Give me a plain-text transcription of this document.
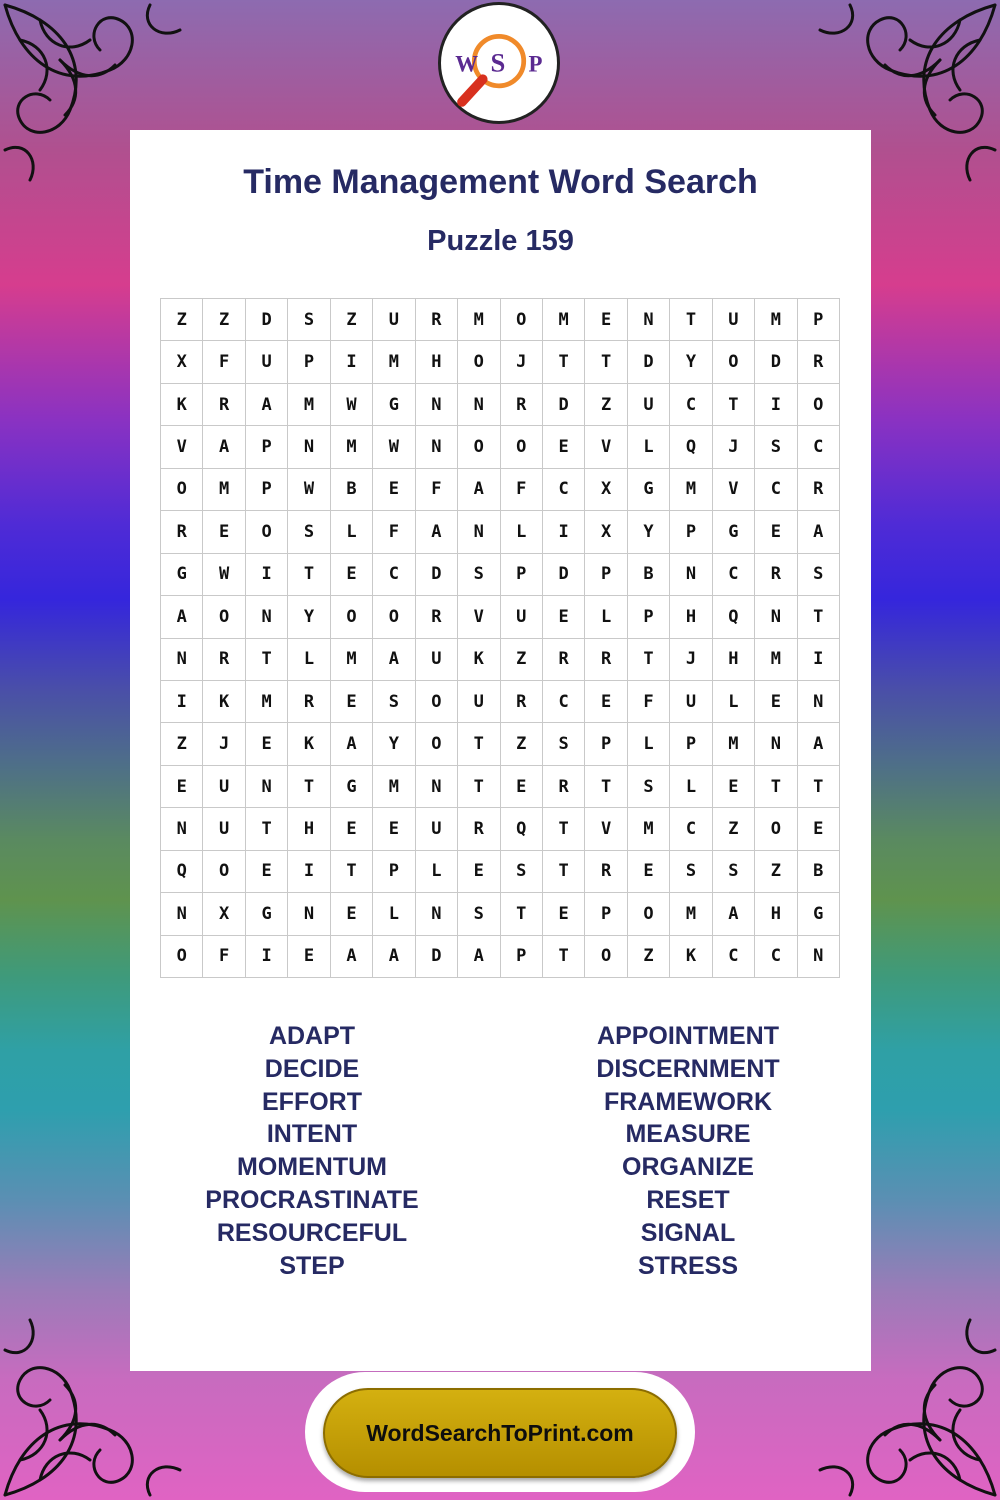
W S P
Time Management Word Search
Puzzle 159
Z	Z	D	S	Z	U	R	M	O	M	E	N	T	U	M	P
X	F	U	P	I	M	H	O	J	T	T	D	Y	O	D	R
K	R	A	M	W	G	N	N	R	D	Z	U	C	T	I	O
V	A	P	N	M	W	N	O	O	E	V	L	Q	J	S	C
O	M	P	W	B	E	F	A	F	C	X	G	M	V	C	R
R	E	O	S	L	F	A	N	L	I	X	Y	P	G	E	A
G	W	I	T	E	C	D	S	P	D	P	B	N	C	R	S
A	O	N	Y	O	O	R	V	U	E	L	P	H	Q	N	T
N	R	T	L	M	A	U	K	Z	R	R	T	J	H	M	I
I	K	M	R	E	S	O	U	R	C	E	F	U	L	E	N
Z	J	E	K	A	Y	O	T	Z	S	P	L	P	M	N	A
E	U	N	T	G	M	N	T	E	R	T	S	L	E	T	T
N	U	T	H	E	E	U	R	Q	T	V	M	C	Z	O	E
Q	O	E	I	T	P	L	E	S	T	R	E	S	S	Z	B
N	X	G	N	E	L	N	S	T	E	P	O	M	A	H	G
O	F	I	E	A	A	D	A	P	T	O	Z	K	C	C	N
ADAPT
DECIDE
EFFORT
INTENT
MOMENTUM
PROCRASTINATE
RESOURCEFUL
STEP
APPOINTMENT
DISCERNMENT
FRAMEWORK
MEASURE
ORGANIZE
RESET
SIGNAL
STRESS
WordSearchToPrint.com
